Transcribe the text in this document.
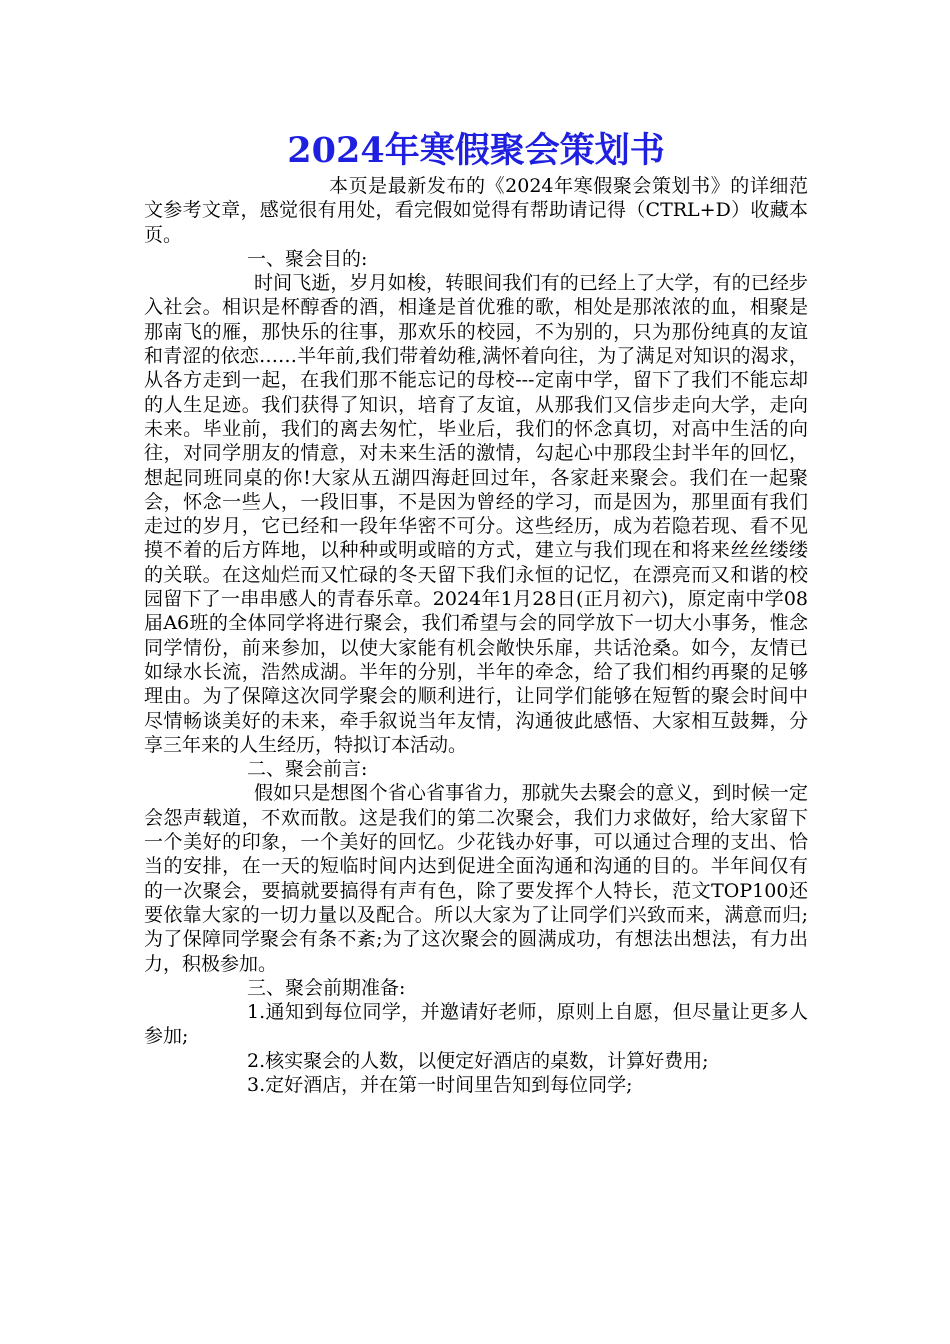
2024年寒假聚会策划书

本页是最新发布的《2024年寒假聚会策划书》的详细范文参考文章，感觉很有用处，看完假如觉得有帮助请记得（CTRL+D）收藏本页。

一、聚会目的:

时间飞逝，岁月如梭，转眼间我们有的已经上了大学，有的已经步入社会。相识是杯醇香的酒，相逢是首优雅的歌，相处是那浓浓的血，相聚是那南飞的雁，那快乐的往事，那欢乐的校园，不为别的，只为那份纯真的友谊和青涩的依恋……半年前,我们带着幼稚,满怀着向往，为了满足对知识的渴求，从各方走到一起，在我们那不能忘记的母校---定南中学，留下了我们不能忘却的人生足迹。我们获得了知识，培育了友谊，从那我们又信步走向大学，走向未来。毕业前，我们的离去匆忙，毕业后，我们的怀念真切，对高中生活的向往，对同学朋友的情意，对未来生活的激情，勾起心中那段尘封半年的回忆，想起同班同桌的你!大家从五湖四海赶回过年，各家赶来聚会。我们在一起聚会，怀念一些人，一段旧事，不是因为曾经的学习，而是因为，那里面有我们走过的岁月，它已经和一段年华密不可分。这些经历，成为若隐若现、看不见摸不着的后方阵地，以种种或明或暗的方式，建立与我们现在和将来丝丝缕缕的关联。在这灿烂而又忙碌的冬天留下我们永恒的记忆，在漂亮而又和谐的校园留下了一串串感人的青春乐章。2024年1月28日(正月初六)，原定南中学08届A6班的全体同学将进行聚会，我们希望与会的同学放下一切大小事务，惟念同学情份，前来参加，以使大家能有机会敞快乐扉，共话沧桑。如今，友情已如绿水长流，浩然成湖。半年的分别，半年的牵念，给了我们相约再聚的足够理由。为了保障这次同学聚会的顺利进行，让同学们能够在短暂的聚会时间中尽情畅谈美好的未来，牵手叙说当年友情，沟通彼此感悟、大家相互鼓舞，分享三年来的人生经历，特拟订本活动。

二、聚会前言:

假如只是想图个省心省事省力，那就失去聚会的意义，到时候一定会怨声载道，不欢而散。这是我们的第二次聚会，我们力求做好，给大家留下一个美好的印象，一个美好的回忆。少花钱办好事，可以通过合理的支出、恰当的安排，在一天的短临时间内达到促进全面沟通和沟通的目的。半年间仅有的一次聚会，要搞就要搞得有声有色，除了要发挥个人特长，范文TOP100还要依靠大家的一切力量以及配合。所以大家为了让同学们兴致而来，满意而归;为了保障同学聚会有条不紊;为了这次聚会的圆满成功，有想法出想法，有力出力，积极参加。

三、聚会前期准备:

1.通知到每位同学，并邀请好老师，原则上自愿，但尽量让更多人参加;

2.核实聚会的人数，以便定好酒店的桌数，计算好费用;

3.定好酒店，并在第一时间里告知到每位同学;
